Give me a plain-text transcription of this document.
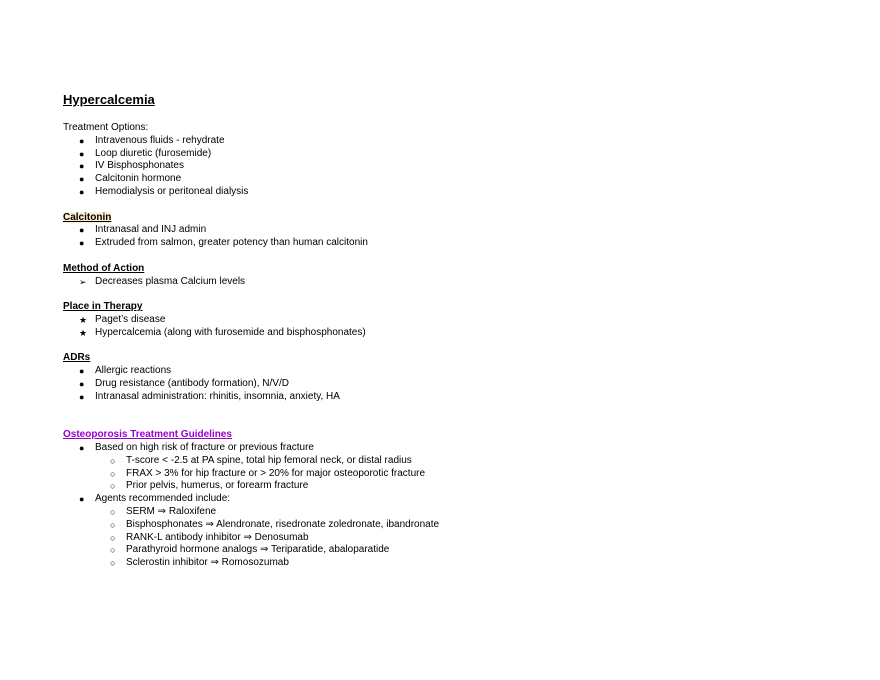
Hypercalcemia
Treatment Options:
●	Intravenous fluids - rehydrate
●	Loop diuretic (furosemide)
●	IV Bisphosphonates
●	Calcitonin hormone
●	Hemodialysis or peritoneal dialysis
Calcitonin
●	Intranasal and INJ admin
●	Extruded from salmon, greater potency than human calcitonin
Method of Action
➢ Decreases plasma Calcium levels
Place in Therapy
★ Paget’s disease
★ Hypercalcemia (along with furosemide and bisphosphonates)
ADRs
●	Allergic reactions
●	Drug resistance (antibody formation), N/V/D
●	Intranasal administration: rhinitis, insomnia, anxiety, HA
Osteoporosis Treatment Guidelines
●	Based on high risk of fracture or previous fracture
○	T-score < -2.5 at PA spine, total hip femoral neck, or distal radius
○	FRAX > 3% for hip fracture or > 20% for major osteoporotic fracture
○	Prior pelvis, humerus, or forearm fracture
●	Agents recommended include:
○	SERM ⇒ Raloxifene
○	Bisphosphonates ⇒ Alendronate, risedronate zoledronate, ibandronate
○	RANK-L antibody inhibitor ⇒ Denosumab
○	Parathyroid hormone analogs ⇒ Teriparatide, abaloparatide
○	Sclerostin inhibitor ⇒ Romosozumab
